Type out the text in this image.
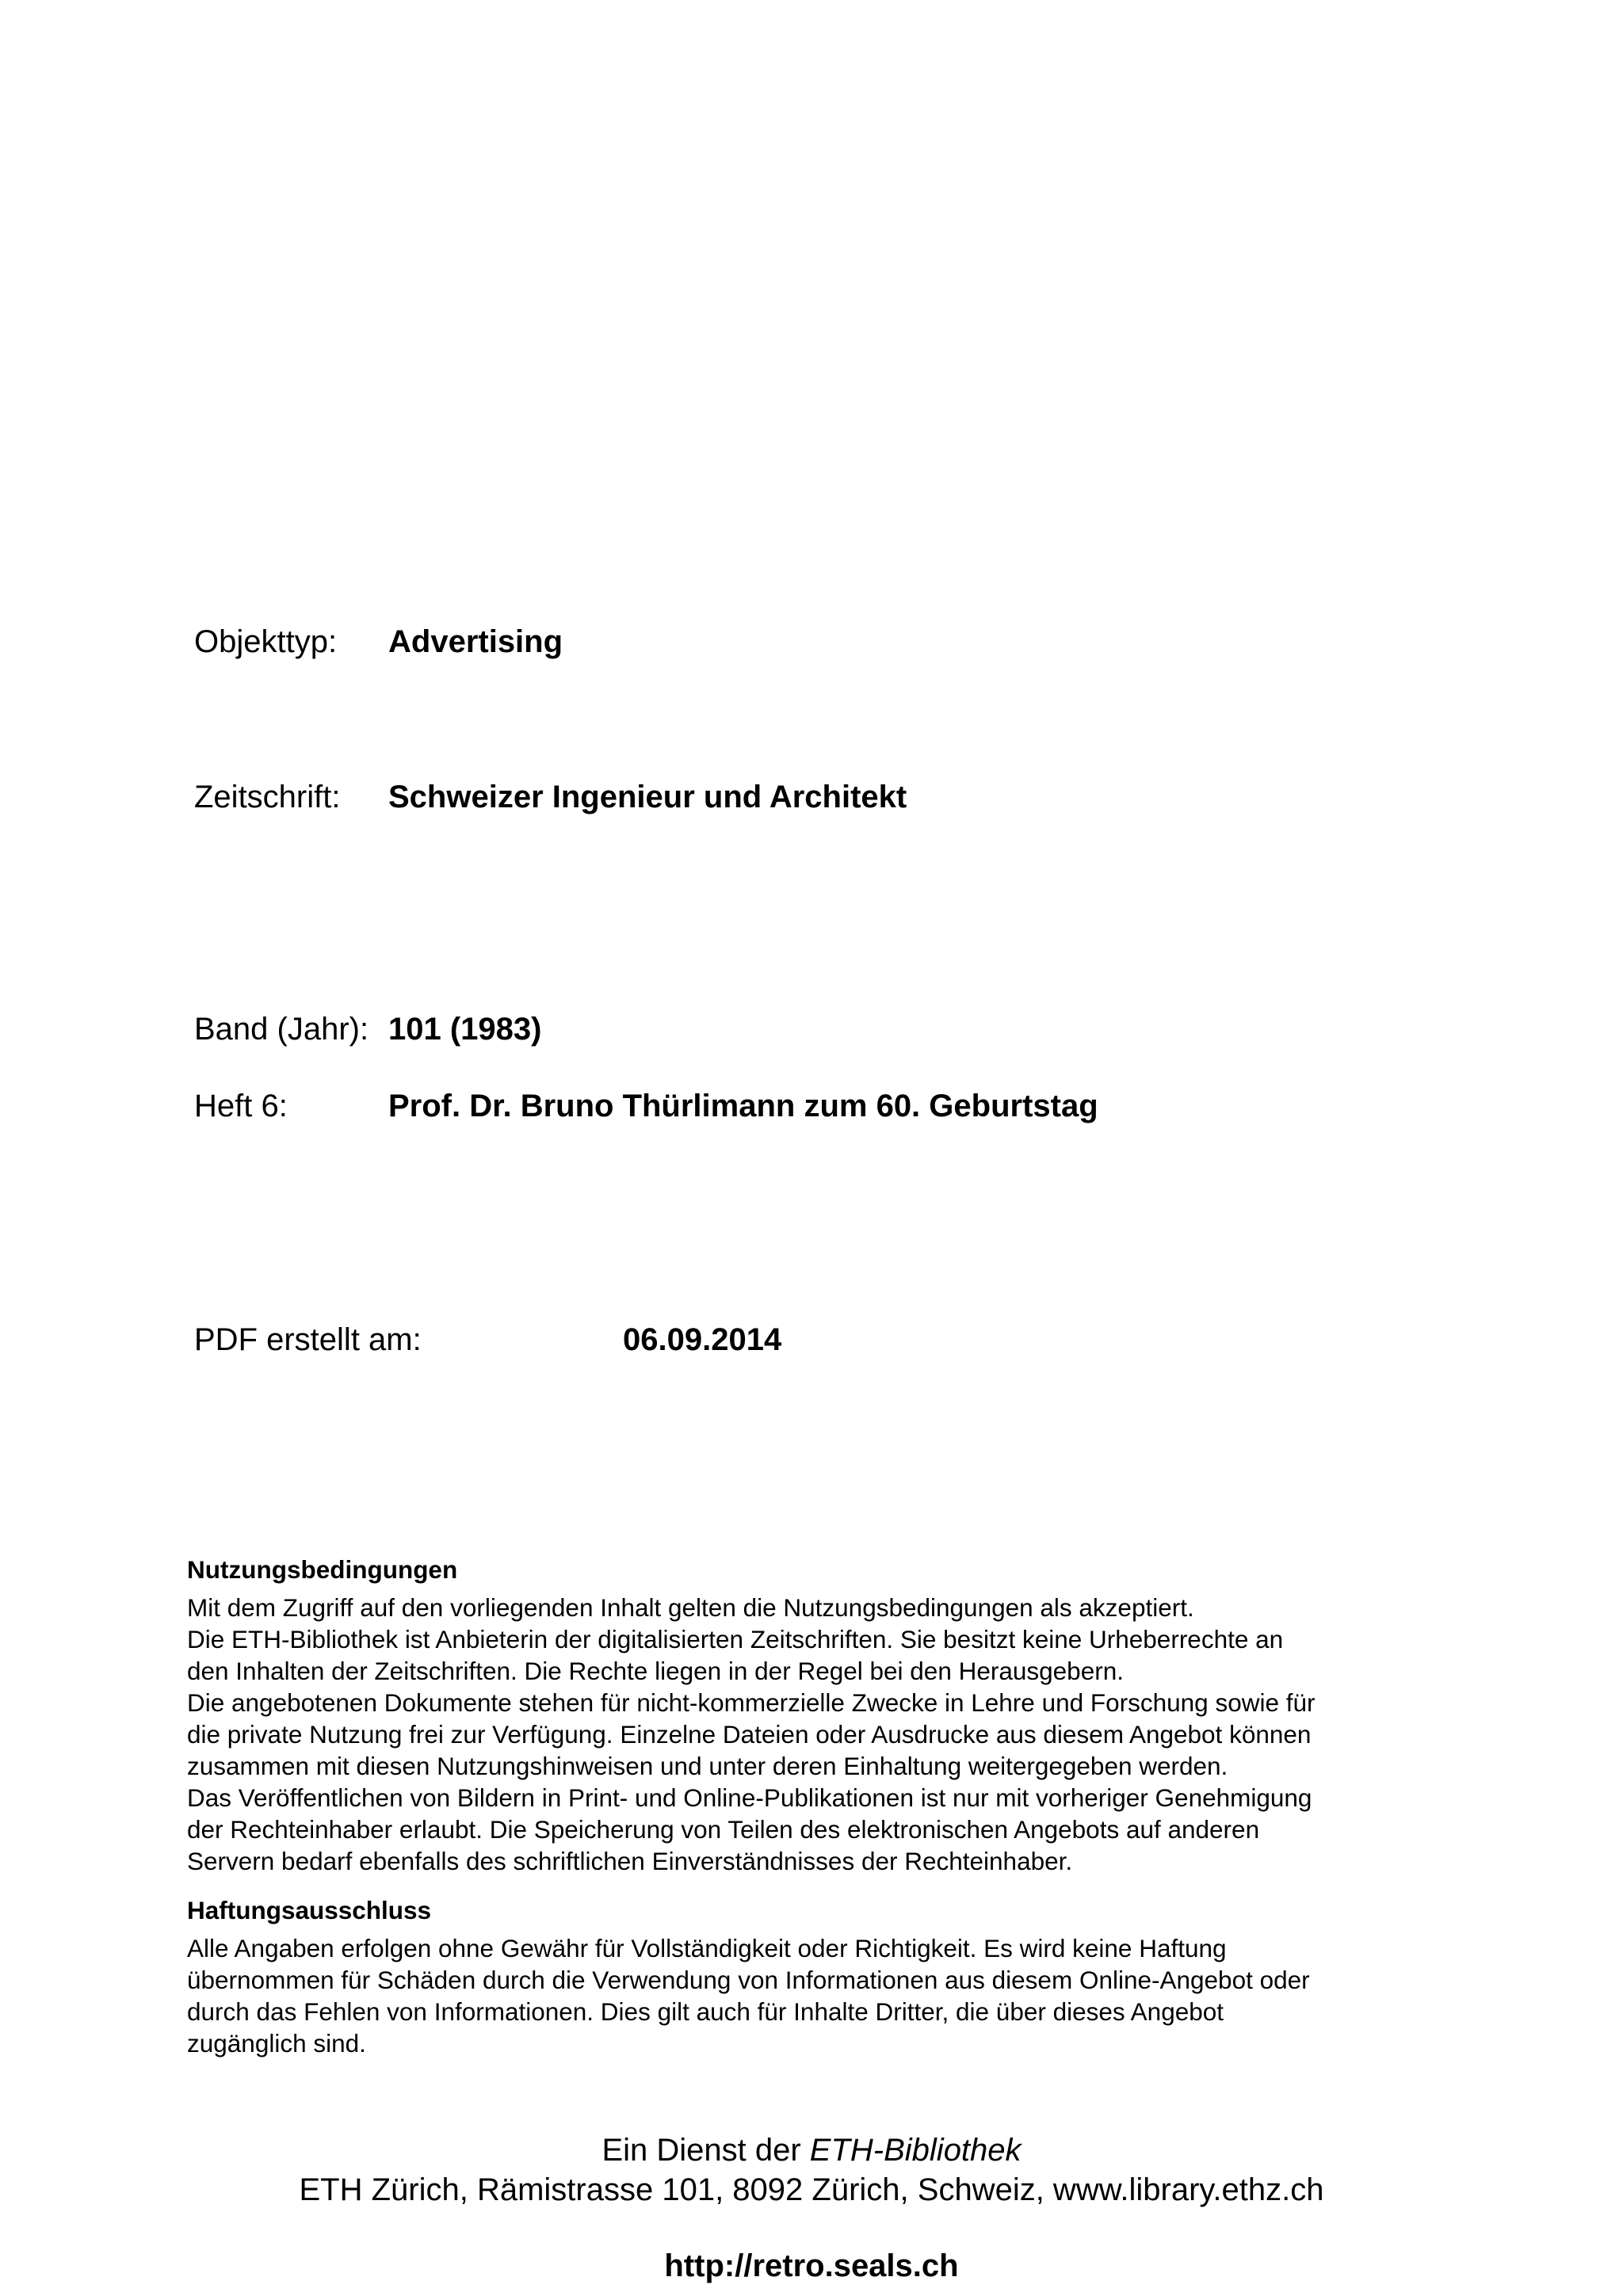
Objekttyp: Advertising
Zeitschrift: Schweizer Ingenieur und Architekt
Band (Jahr): 101 (1983)
Heft 6:	Prof. Dr. Bruno Thürlimann zum 60. Geburtstag
PDF erstellt am:	06.09.2014

Nutzungsbedingungen

Mit dem Zugriff auf den vorliegenden Inhalt gelten die Nutzungsbedingungen als akzeptiert.

Die ETH-Bibliothek ist Anbieterin der digitalisierten Zeitschriften. Sie besitzt keine Urheberrechte an

den Inhalten der Zeitschriften. Die Rechte liegen in der Regel bei den Herausgebern.

Die angebotenen Dokumente stehen für nicht-kommerzielle Zwecke in Lehre und Forschung sowie für

die private Nutzung frei zur Verfügung. Einzelne Dateien oder Ausdrucke aus diesem Angebot können

zusammen mit diesen Nutzungshinweisen und unter deren Einhaltung weitergegeben werden.

Das Veröffentlichen von Bildern in Print- und Online-Publikationen ist nur mit vorheriger Genehmigung

der Rechteinhaber erlaubt. Die Speicherung von Teilen des elektronischen Angebots auf anderen

Servern bedarf ebenfalls des schriftlichen Einverständnisses der Rechteinhaber.

Haftungsausschluss

Alle Angaben erfolgen ohne Gewähr für Vollständigkeit oder Richtigkeit. Es wird keine Haftung

übernommen für Schäden durch die Verwendung von Informationen aus diesem Online-Angebot oder

durch das Fehlen von Informationen. Dies gilt auch für Inhalte Dritter, die über dieses Angebot

zugänglich sind.

Ein Dienst der ETH-Bibliothek
ETH Zürich, Rämistrasse 101, 8092 Zürich, Schweiz, www.library.ethz.ch
http://retro.seals.ch
